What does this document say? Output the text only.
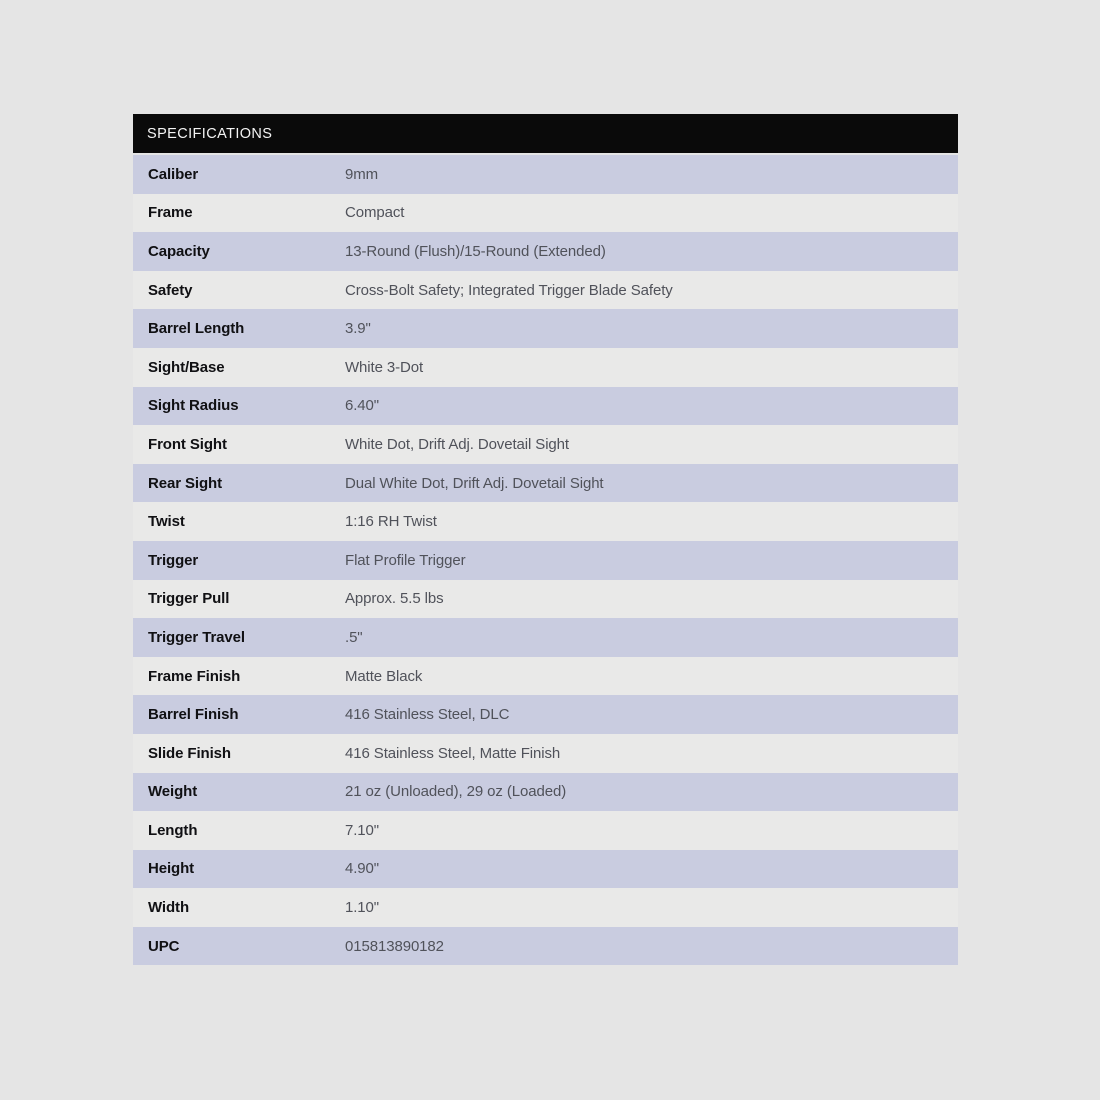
SPECIFICATIONS
Caliber	9mm
Frame	Compact
Capacity	13-Round (Flush)/15-Round (Extended)
Safety	Cross-Bolt Safety; Integrated Trigger Blade Safety
Barrel Length	3.9"
Sight/Base	White 3-Dot
Sight Radius	6.40"
Front Sight	White Dot, Drift Adj. Dovetail Sight
Rear Sight	Dual White Dot, Drift Adj. Dovetail Sight
Twist	1:16 RH Twist
Trigger	Flat Profile Trigger
Trigger Pull	Approx. 5.5 lbs
Trigger Travel	.5"
Frame Finish	Matte Black
Barrel Finish	416 Stainless Steel, DLC
Slide Finish	416 Stainless Steel, Matte Finish
Weight	21 oz (Unloaded), 29 oz (Loaded)
Length	7.10"
Height	4.90"
Width	1.10"
UPC	015813890182
